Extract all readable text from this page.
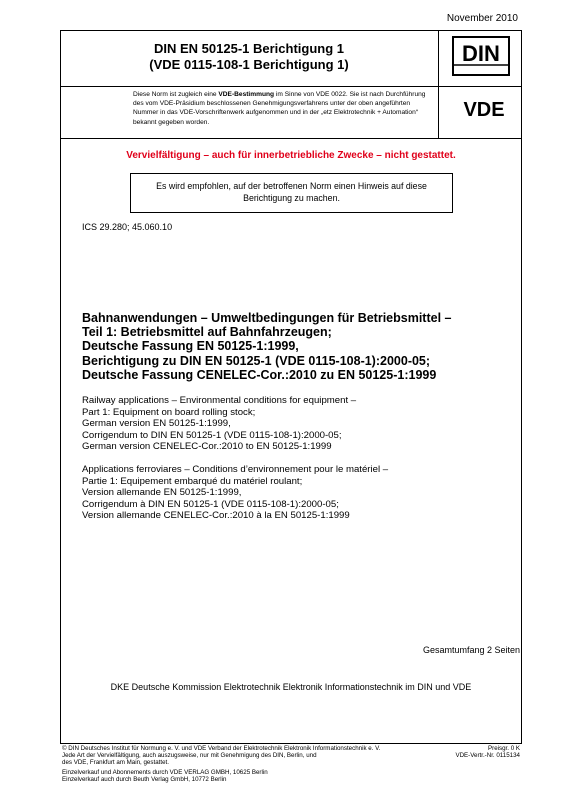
November 2010
DIN EN 50125-1 Berichtigung 1
(VDE 0115-108-1 Berichtigung 1)	DIN
Diese Norm ist zugleich eine VDE-Bestimmung im Sinne von VDE 0022. Sie ist nach Durchführung des vom VDE-Präsidium beschlossenen Genehmigungsverfahrens unter der oben angeführten Nummer in das VDE-Vorschriftenwerk aufgenommen und in der „etz Elektrotechnik + Automation“ bekannt gegeben worden.
VDE
Vervielfältigung – auch für innerbetriebliche Zwecke – nicht gestattet.
Es wird empfohlen, auf der betroffenen Norm einen Hinweis auf diese Berichtigung zu machen.
ICS 29.280; 45.060.10
Bahnanwendungen – Umweltbedingungen für Betriebsmittel –
Teil 1: Betriebsmittel auf Bahnfahrzeugen;
Deutsche Fassung EN 50125-1:1999,
Berichtigung zu DIN EN 50125-1 (VDE 0115-108-1):2000-05;
Deutsche Fassung CENELEC-Cor.:2010 zu EN 50125-1:1999
Railway applications – Environmental conditions for equipment –
Part 1: Equipment on board rolling stock;
German version EN 50125-1:1999,
Corrigendum to DIN EN 50125-1 (VDE 0115-108-1):2000-05;
German version CENELEC-Cor.:2010 to EN 50125-1:1999
Applications ferroviares – Conditions d’environnement pour le matériel –
Partie 1: Equipement embarqué du matériel roulant;
Version allemande EN 50125-1:1999,
Corrigendum à DIN EN 50125-1 (VDE 0115-108-1):2000-05;
Version allemande CENELEC-Cor.:2010 à la EN 50125-1:1999
Gesamtumfang 2 Seiten
DKE Deutsche Kommission Elektrotechnik Elektronik Informationstechnik im DIN und VDE
© DIN Deutsches Institut für Normung e. V. und VDE Verband der Elektrotechnik Elektronik Informationstechnik e. V.
Jede Art der Vervielfältigung, auch auszugsweise, nur mit Genehmigung des DIN, Berlin, und
des VDE, Frankfurt am Main, gestattet.
Preisgr. 0 K
VDE-Vertr.-Nr. 0115134
Einzelverkauf und Abonnements durch VDE VERLAG GMBH, 10625 Berlin
Einzelverkauf auch durch Beuth Verlag GmbH, 10772 Berlin
